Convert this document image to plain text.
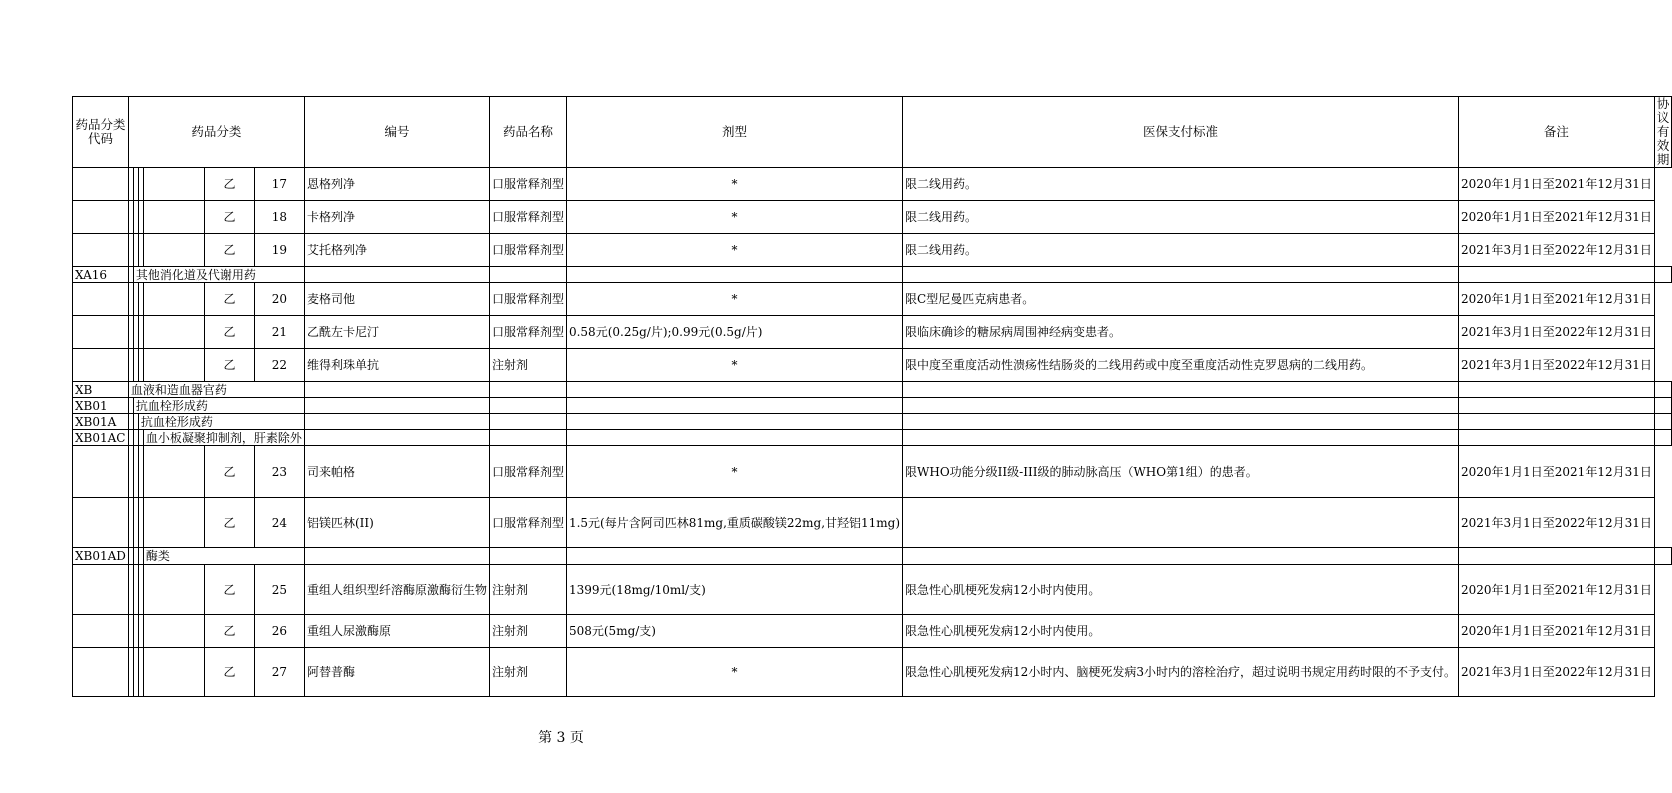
药品分类代码	药品分类						编号	药品名称	剂型	医保支付标准	备注	协议有效期
					乙	17	恩格列净	口服常释剂型	*	限二线用药。	2020年1月1日至2021年12月31日	
					乙	18	卡格列净	口服常释剂型	*	限二线用药。	2020年1月1日至2021年12月31日	
					乙	19	艾托格列净	口服常释剂型	*	限二线用药。	2021年3月1日至2022年12月31日	
XA16		其他消化道及代谢用药										
					乙	20	麦格司他	口服常释剂型	*	限C型尼曼匹克病患者。	2020年1月1日至2021年12月31日	
					乙	21	乙酰左卡尼汀	口服常释剂型	0.58元(0.25g/片);0.99元(0.5g/片)	限临床确诊的糖尿病周围神经病变患者。	2021年3月1日至2022年12月31日	
					乙	22	维得利珠单抗	注射剂	*	限中度至重度活动性溃疡性结肠炎的二线用药或中度至重度活动性克罗恩病的二线用药。	2021年3月1日至2022年12月31日	
XB	血液和造血器官药											
XB01		抗血栓形成药										
XB01A			抗血栓形成药									
XB01AC				血小板凝聚抑制剂，肝素除外								
					乙	23	司来帕格	口服常释剂型	*	限WHO功能分级II级-III级的肺动脉高压（WHO第1组）的患者。	2020年1月1日至2021年12月31日	
					乙	24	铝镁匹林(II)	口服常释剂型	1.5元(每片含阿司匹林81mg,重质碳酸镁22mg,甘羟铝11mg)		2021年3月1日至2022年12月31日	
XB01AD				酶类								
					乙	25	重组人组织型纤溶酶原激酶衍生物	注射剂	1399元(18mg/10ml/支)	限急性心肌梗死发病12小时内使用。	2020年1月1日至2021年12月31日	
					乙	26	重组人尿激酶原	注射剂	508元(5mg/支)	限急性心肌梗死发病12小时内使用。	2020年1月1日至2021年12月31日	
					乙	27	阿替普酶	注射剂	*	限急性心肌梗死发病12小时内、脑梗死发病3小时内的溶栓治疗，超过说明书规定用药时限的不予支付。	2021年3月1日至2022年12月31日	
第 3 页
